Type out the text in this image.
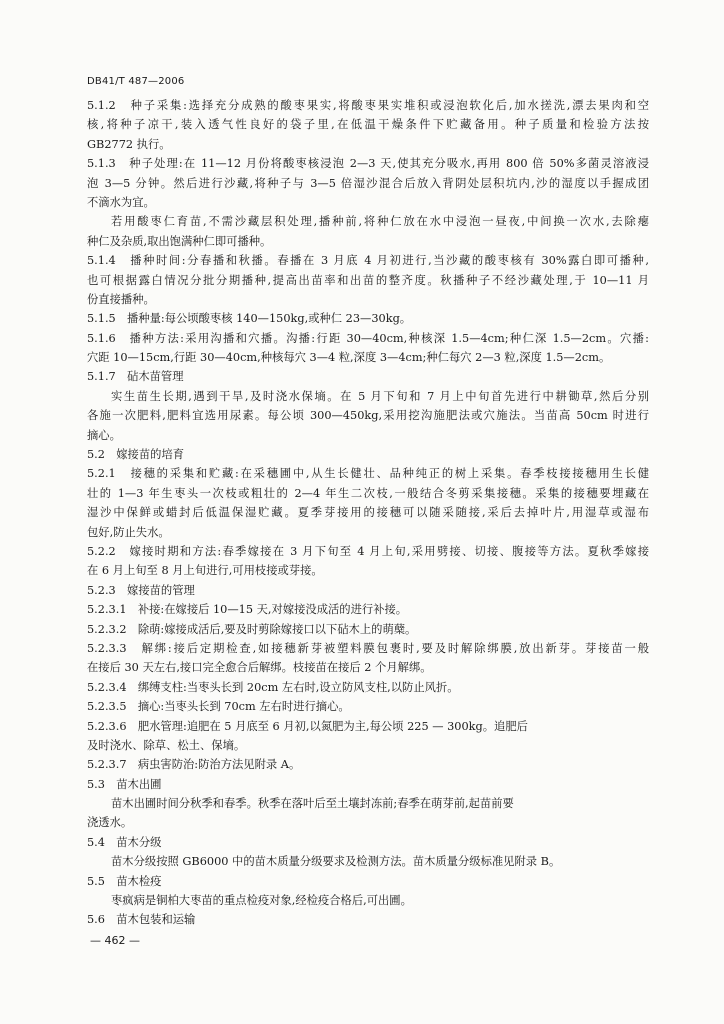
DB41/T 487—2006
5.1.2　种子采集:选择充分成熟的酸枣果实,将酸枣果实堆积或浸泡软化后,加水搓洗,漂去果肉和空
核,将种子凉干,装入透气性良好的袋子里,在低温干燥条件下贮藏备用。种子质量和检验方法按
GB2772 执行。
5.1.3　种子处理:在 11—12 月份将酸枣核浸泡 2—3 天,使其充分吸水,再用 800 倍 50%多菌灵溶液浸
泡 3—5 分钟。然后进行沙藏,将种子与 3—5 倍湿沙混合后放入背阴处层积坑内,沙的湿度以手握成团
不滴水为宜。
若用酸枣仁育苗,不需沙藏层积处理,播种前,将种仁放在水中浸泡一昼夜,中间换一次水,去除瘪
种仁及杂质,取出饱满种仁即可播种。
5.1.4　播种时间:分春播和秋播。春播在 3 月底 4 月初进行,当沙藏的酸枣核有 30%露白即可播种,
也可根据露白情况分批分期播种,提高出苗率和出苗的整齐度。秋播种子不经沙藏处理,于 10—11 月
份直接播种。
5.1.5　播种量:每公顷酸枣核 140—150kg,或种仁 23—30kg。
5.1.6　播种方法:采用沟播和穴播。沟播:行距 30—40cm,种核深 1.5—4cm;种仁深 1.5—2cm。穴播:
穴距 10—15cm,行距 30—40cm,种核每穴 3—4 粒,深度 3—4cm;种仁每穴 2—3 粒,深度 1.5—2cm。
5.1.7　砧木苗管理
实生苗生长期,遇到干旱,及时浇水保墒。在 5 月下旬和 7 月上中旬首先进行中耕锄草,然后分别
各施一次肥料,肥料宜选用尿素。每公顷 300—450kg,采用挖沟施肥法或穴施法。当苗高 50cm 时进行
摘心。
5.2　嫁接苗的培育
5.2.1　接穗的采集和贮藏:在采穗圃中,从生长健壮、品种纯正的树上采集。春季枝接接穗用生长健
壮的 1—3 年生枣头一次枝或粗壮的 2—4 年生二次枝,一般结合冬剪采集接穗。采集的接穗要埋藏在
湿沙中保鲜或蜡封后低温保湿贮藏。夏季芽接用的接穗可以随采随接,采后去掉叶片,用湿草或湿布
包好,防止失水。
5.2.2　嫁接时期和方法:春季嫁接在 3 月下旬至 4 月上旬,采用劈接、切接、腹接等方法。夏秋季嫁接
在 6 月上旬至 8 月上旬进行,可用枝接或芽接。
5.2.3　嫁接苗的管理
5.2.3.1　补接:在嫁接后 10—15 天,对嫁接没成活的进行补接。
5.2.3.2　除萌:嫁接成活后,要及时剪除嫁接口以下砧木上的萌蘖。
5.2.3.3　解绑:接后定期检查,如接穗新芽被塑料膜包裹时,要及时解除绑膜,放出新芽。芽接苗一般
在接后 30 天左右,接口完全愈合后解绑。枝接苗在接后 2 个月解绑。
5.2.3.4　绑缚支柱:当枣头长到 20cm 左右时,设立防风支柱,以防止风折。
5.2.3.5　摘心:当枣头长到 70cm 左右时进行摘心。
5.2.3.6　肥水管理:追肥在 5 月底至 6 月初,以氮肥为主,每公顷 225 — 300kg。追肥后
及时浇水、除草、松土、保墒。
5.2.3.7　病虫害防治:防治方法见附录 A。
5.3　苗木出圃
苗木出圃时间分秋季和春季。秋季在落叶后至土壤封冻前;春季在萌芽前,起苗前要
浇透水。
5.4　苗木分级
苗木分级按照 GB6000 中的苗木质量分级要求及检测方法。苗木质量分级标准见附录 B。
5.5　苗木检疫
枣疯病是铜柏大枣苗的重点检疫对象,经检疫合格后,可出圃。
5.6　苗木包装和运输
— 462 —
